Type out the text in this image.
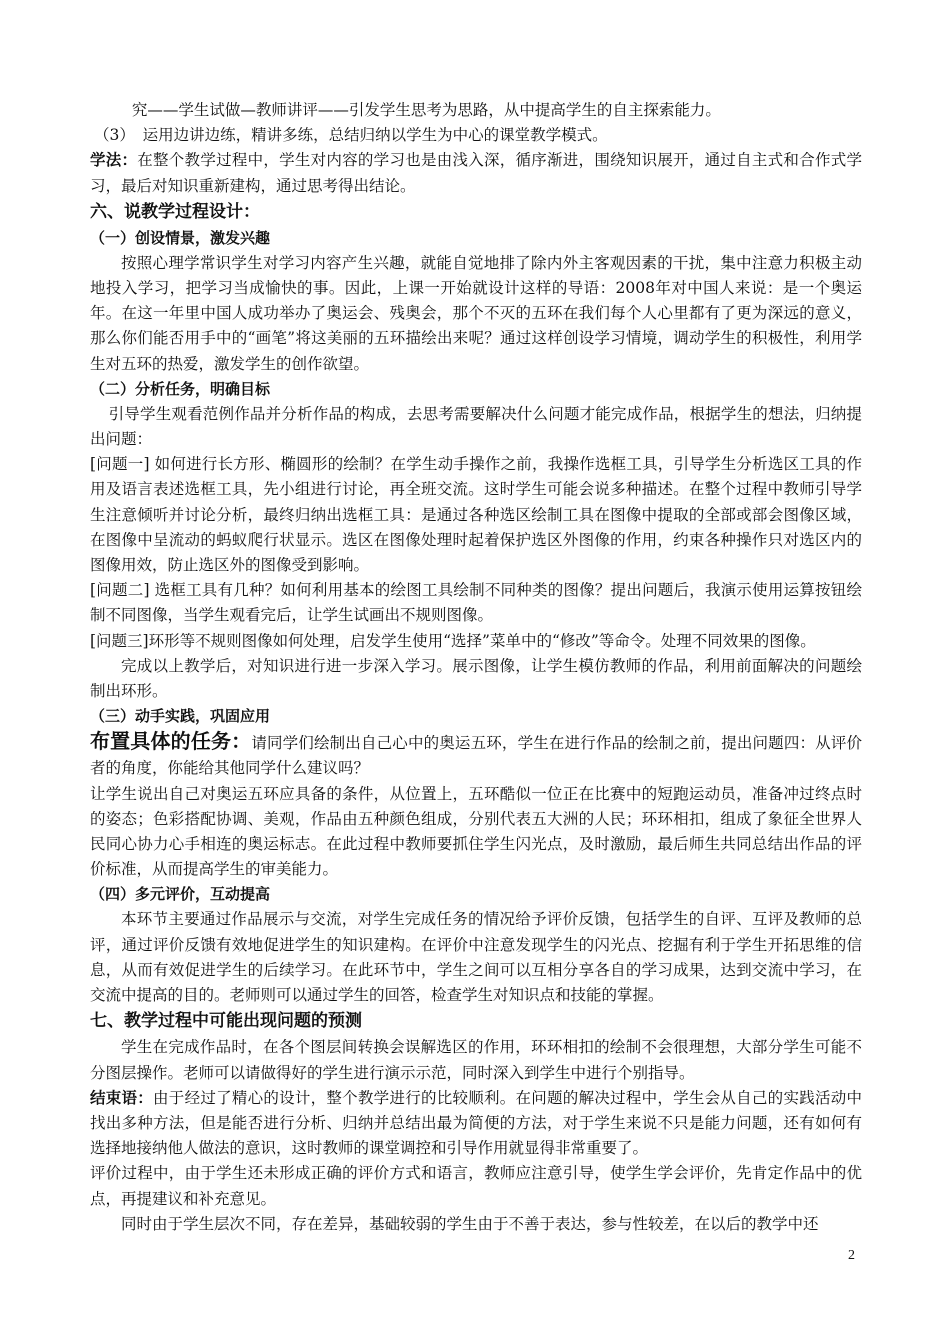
究——学生试做—教师讲评——引发学生思考为思路，从中提高学生的自主探索能力。

（3）　运用边讲边练，精讲多练，总结归纳以学生为中心的课堂教学模式。

学法：在整个教学过程中，学生对内容的学习也是由浅入深，循序渐进，围绕知识展开，通过自主式和合作式学习，最后对知识重新建构，通过思考得出结论。

六、说教学过程设计：

（一）创设情景，激发兴趣

按照心理学常识学生对学习内容产生兴趣，就能自觉地排了除内外主客观因素的干扰，集中注意力积极主动地投入学习，把学习当成愉快的事。因此，上课一开始就设计这样的导语：2008年对中国人来说：是一个奥运年。在这一年里中国人成功举办了奥运会、残奥会，那个不灭的五环在我们每个人心里都有了更为深远的意义，那么你们能否用手中的“画笔”将这美丽的五环描绘出来呢？通过这样创设学习情境，调动学生的积极性，利用学生对五环的热爱，激发学生的创作欲望。

（二）分析任务，明确目标

引导学生观看范例作品并分析作品的构成，去思考需要解决什么问题才能完成作品，根据学生的想法，归纳提出问题：

[问题一] 如何进行长方形、椭圆形的绘制？在学生动手操作之前，我操作选框工具，引导学生分析选区工具的作用及语言表述选框工具，先小组进行讨论，再全班交流。这时学生可能会说多种描述。在整个过程中教师引导学生注意倾听并讨论分析，最终归纳出选框工具：是通过各种选区绘制工具在图像中提取的全部或部会图像区域，在图像中呈流动的蚂蚁爬行状显示。选区在图像处理时起着保护选区外图像的作用，约束各种操作只对选区内的图像用效，防止选区外的图像受到影响。

[问题二] 选框工具有几种？如何利用基本的绘图工具绘制不同种类的图像？提出问题后，我演示使用运算按钮绘制不同图像，当学生观看完后，让学生试画出不规则图像。

[问题三]环形等不规则图像如何处理，启发学生使用“选择”菜单中的“修改”等命令。处理不同效果的图像。

完成以上教学后，对知识进行进一步深入学习。展示图像，让学生模仿教师的作品，利用前面解决的问题绘制出环形。

（三）动手实践，巩固应用

布置具体的任务：请同学们绘制出自己心中的奥运五环，学生在进行作品的绘制之前，提出问题四：从评价者的角度，你能给其他同学什么建议吗？

让学生说出自己对奥运五环应具备的条件，从位置上，五环酷似一位正在比赛中的短跑运动员，准备冲过终点时的姿态；色彩搭配协调、美观，作品由五种颜色组成，分别代表五大洲的人民；环环相扣，组成了象征全世界人民同心协力心手相连的奥运标志。在此过程中教师要抓住学生闪光点，及时激励，最后师生共同总结出作品的评价标准，从而提高学生的审美能力。

（四）多元评价，互动提高

本环节主要通过作品展示与交流，对学生完成任务的情况给予评价反馈，包括学生的自评、互评及教师的总评，通过评价反馈有效地促进学生的知识建构。在评价中注意发现学生的闪光点、挖掘有利于学生开拓思维的信息，从而有效促进学生的后续学习。在此环节中，学生之间可以互相分享各自的学习成果，达到交流中学习，在交流中提高的目的。老师则可以通过学生的回答，检查学生对知识点和技能的掌握。

七、教学过程中可能出现问题的预测

学生在完成作品时，在各个图层间转换会误解选区的作用，环环相扣的绘制不会很理想，大部分学生可能不分图层操作。老师可以请做得好的学生进行演示示范，同时深入到学生中进行个别指导。

结束语：由于经过了精心的设计，整个教学进行的比较顺利。在问题的解决过程中，学生会从自己的实践活动中找出多种方法，但是能否进行分析、归纳并总结出最为简便的方法，对于学生来说不只是能力问题，还有如何有选择地接纳他人做法的意识，这时教师的课堂调控和引导作用就显得非常重要了。

评价过程中，由于学生还未形成正确的评价方式和语言，教师应注意引导，使学生学会评价，先肯定作品中的优点，再提建议和补充意见。

同时由于学生层次不同，存在差异，基础较弱的学生由于不善于表达，参与性较差，在以后的教学中还

2
